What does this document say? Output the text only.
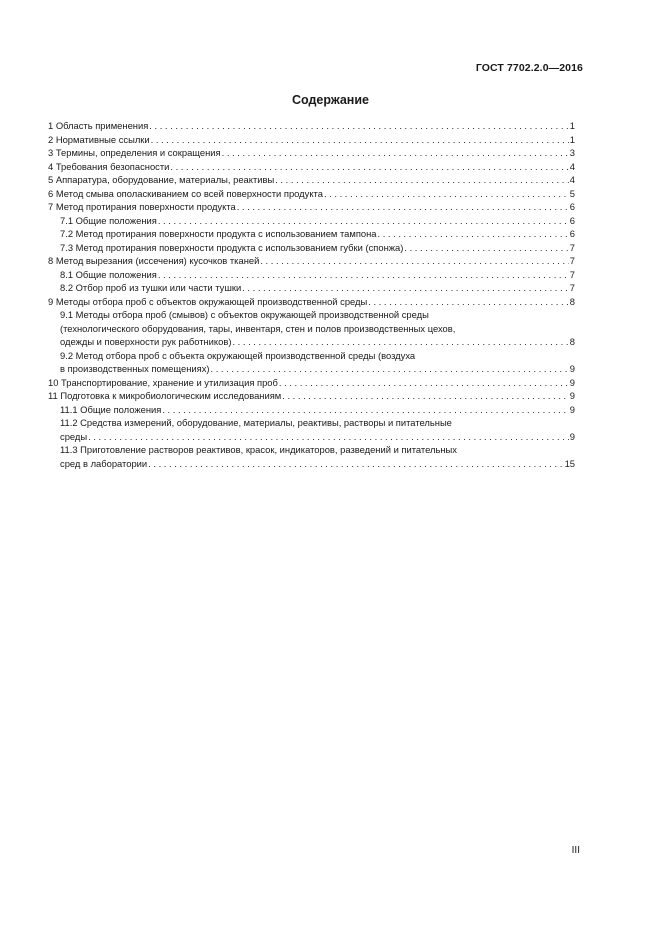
ГОСТ 7702.2.0—2016
Содержание
1 Область применения . . .	1
2 Нормативные ссылки . . .	1
3 Термины, определения и сокращения . . .	3
4 Требования безопасности . . .	4
5 Аппаратура, оборудование, материалы, реактивы . . .	4
6 Метод смыва ополаскиванием со всей поверхности продукта . . .	5
7 Метод протирания поверхности продукта . . .	6
7.1 Общие положения . . .	6
7.2 Метод протирания поверхности продукта с использованием тампона . . .	6
7.3 Метод протирания поверхности продукта с использованием губки (спонжа) . . .	7
8 Метод вырезания (иссечения) кусочков тканей . . .	7
8.1 Общие положения . . .	7
8.2 Отбор проб из тушки или части тушки . . .	7
9 Методы отбора проб с объектов окружающей производственной среды . . .	8
9.1 Методы отбора проб (смывов) с объектов окружающей производственной среды
(технологического оборудования, тары, инвентаря, стен и полов производственных цехов,
одежды и поверхности рук работников) . . .	8
9.2 Метод отбора проб с объекта окружающей производственной среды (воздуха
в производственных помещениях) . . .	9
10 Транспортирование, хранение и утилизация проб . . .	9
11 Подготовка к микробиологическим исследованиям . . .	9
11.1 Общие положения . . .	9
11.2 Средства измерений, оборудование, материалы, реактивы, растворы и питательные
среды . . .	9
11.3 Приготовление растворов реактивов, красок, индикаторов, разведений и питательных
сред в лаборатории . . .	15
III
